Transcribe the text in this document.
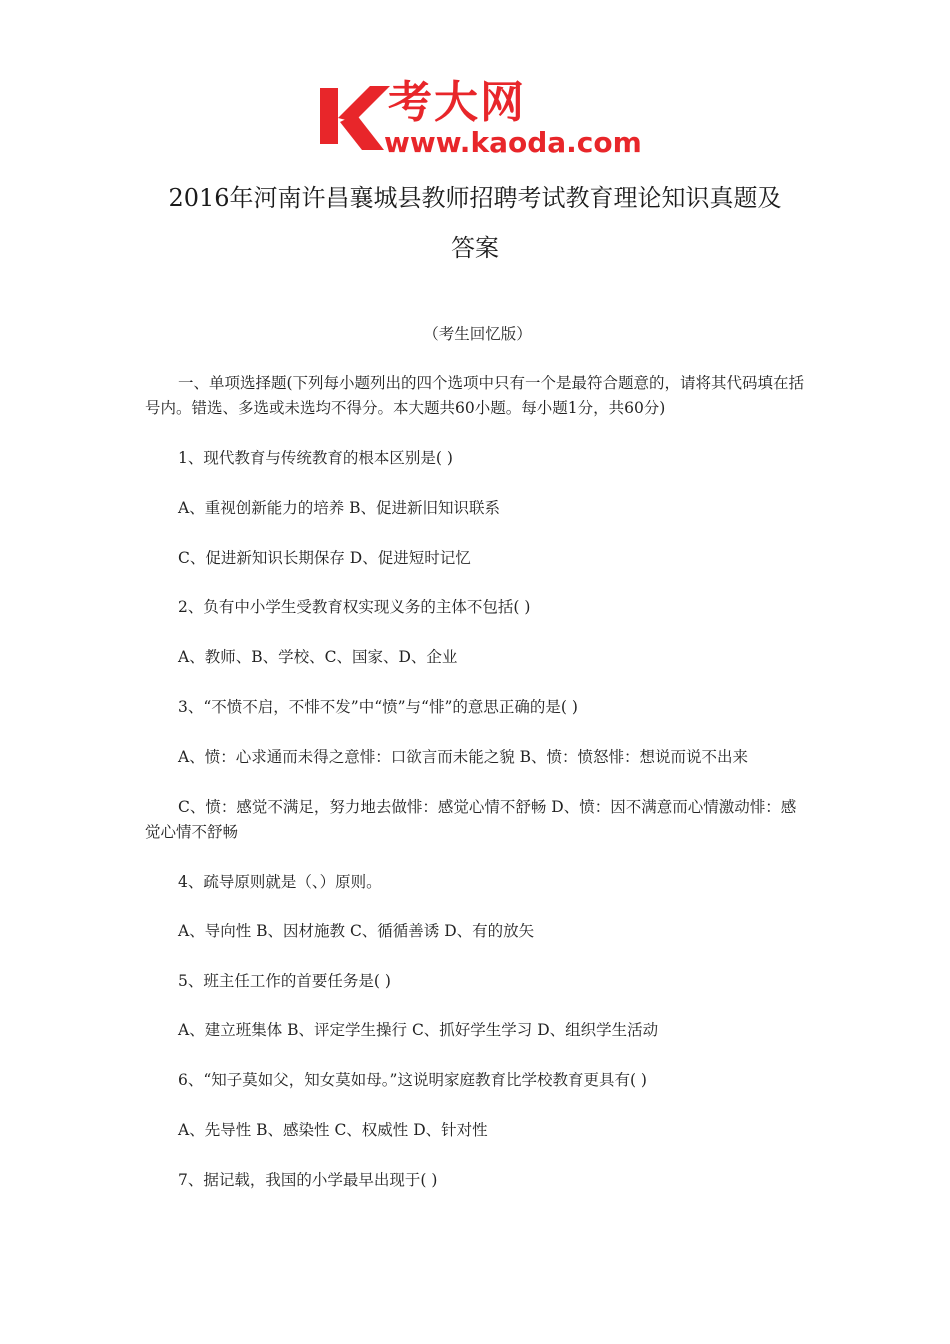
考大网
www.kaoda.com
2016年河南许昌襄城县教师招聘考试教育理论知识真题及
答案
（考生回忆版）
一、单项选择题(下列每小题列出的四个选项中只有一个是最符合题意的，请将其代码填在括号内。错选、多选或未选均不得分。本大题共60小题。每小题1分，共60分)
1、现代教育与传统教育的根本区别是( )
A、重视创新能力的培养 B、促进新旧知识联系
C、促进新知识长期保存 D、促进短时记忆
2、负有中小学生受教育权实现义务的主体不包括( )
A、教师、B、学校、C、国家、D、企业
3、“不愤不启，不悱不发”中“愤”与“悱”的意思正确的是( )
A、愤：心求通而未得之意悱：口欲言而未能之貌 B、愤：愤怒悱：想说而说不出来
C、愤：感觉不满足，努力地去做悱：感觉心情不舒畅 D、愤：因不满意而心情激动悱：感觉心情不舒畅
4、疏导原则就是（、）原则。
A、导向性 B、因材施教 C、循循善诱 D、有的放矢
5、班主任工作的首要任务是( )
A、建立班集体 B、评定学生操行 C、抓好学生学习 D、组织学生活动
6、“知子莫如父，知女莫如母。”这说明家庭教育比学校教育更具有( )
A、先导性 B、感染性 C、权威性 D、针对性
7、据记载，我国的小学最早出现于( )
